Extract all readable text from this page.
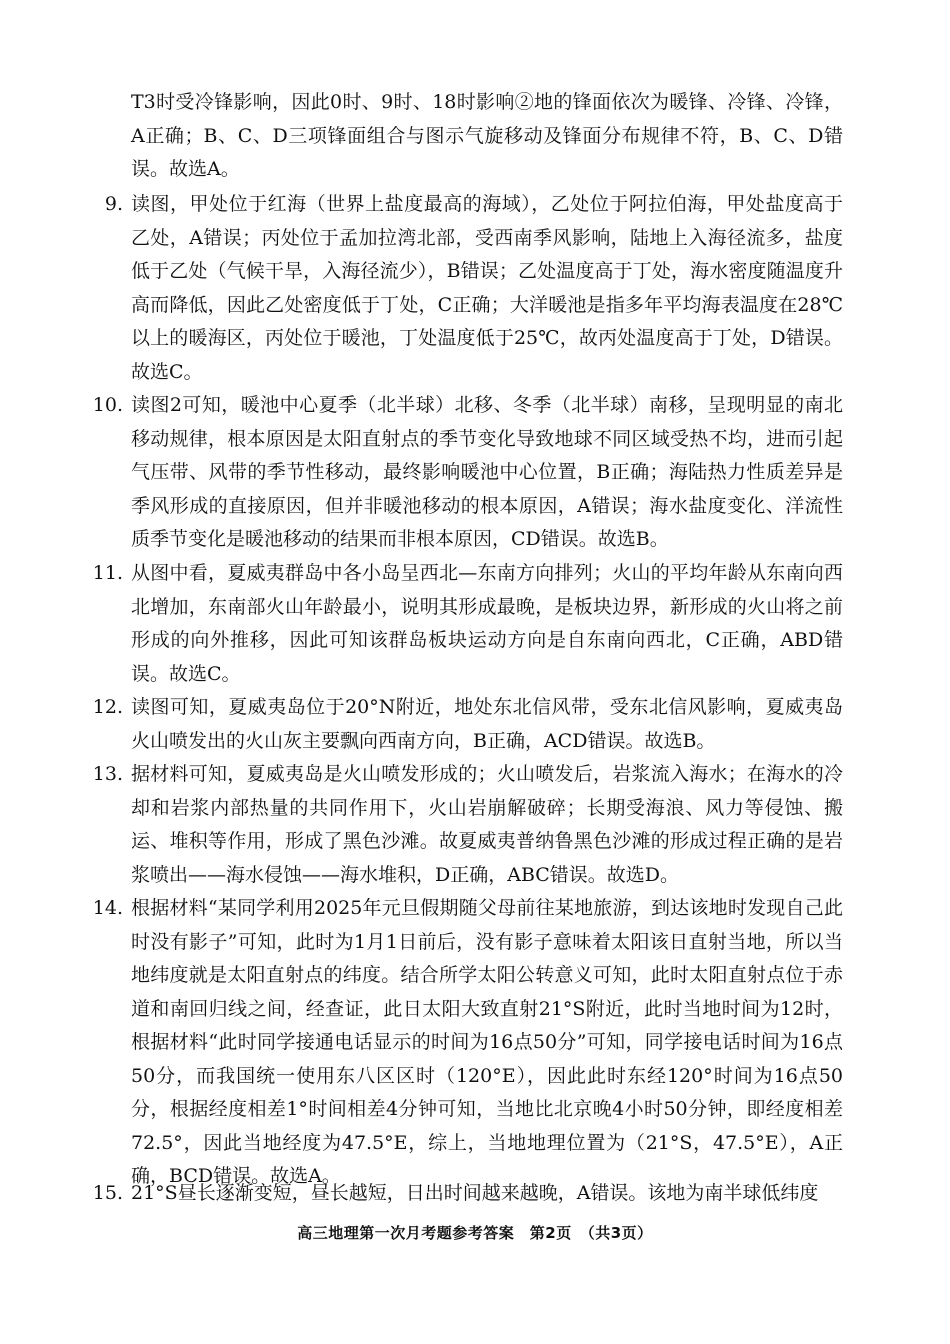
T3时受冷锋影响，因此0时、9时、18时影响②地的锋面依次为暖锋、冷锋、冷锋，A正确；B、C、D三项锋面组合与图示气旋移动及锋面分布规律不符，B、C、D错误。故选A。
9. 读图，甲处位于红海（世界上盐度最高的海域），乙处位于阿拉伯海，甲处盐度高于乙处，A错误；丙处位于孟加拉湾北部，受西南季风影响，陆地上入海径流多，盐度低于乙处（气候干旱，入海径流少），B错误；乙处温度高于丁处，海水密度随温度升高而降低，因此乙处密度低于丁处，C正确；大洋暖池是指多年平均海表温度在28℃以上的暖海区，丙处位于暖池，丁处温度低于25℃，故丙处温度高于丁处，D错误。故选C。
10. 读图2可知，暖池中心夏季（北半球）北移、冬季（北半球）南移，呈现明显的南北移动规律，根本原因是太阳直射点的季节变化导致地球不同区域受热不均，进而引起气压带、风带的季节性移动，最终影响暖池中心位置，B正确；海陆热力性质差异是季风形成的直接原因，但并非暖池移动的根本原因，A错误；海水盐度变化、洋流性质季节变化是暖池移动的结果而非根本原因，CD错误。故选B。
11. 从图中看，夏威夷群岛中各小岛呈西北—东南方向排列；火山的平均年龄从东南向西北增加，东南部火山年龄最小，说明其形成最晚，是板块边界，新形成的火山将之前形成的向外推移，因此可知该群岛板块运动方向是自东南向西北，C正确，ABD错误。故选C。
12. 读图可知，夏威夷岛位于20°N附近，地处东北信风带，受东北信风影响，夏威夷岛火山喷发出的火山灰主要飘向西南方向，B正确，ACD错误。故选B。
13. 据材料可知，夏威夷岛是火山喷发形成的；火山喷发后，岩浆流入海水；在海水的冷却和岩浆内部热量的共同作用下，火山岩崩解破碎；长期受海浪、风力等侵蚀、搬运、堆积等作用，形成了黑色沙滩。故夏威夷普纳鲁黑色沙滩的形成过程正确的是岩浆喷出——海水侵蚀——海水堆积，D正确，ABC错误。故选D。
14. 根据材料“某同学利用2025年元旦假期随父母前往某地旅游，到达该地时发现自己此时没有影子”可知，此时为1月1日前后，没有影子意味着太阳该日直射当地，所以当地纬度就是太阳直射点的纬度。结合所学太阳公转意义可知，此时太阳直射点位于赤道和南回归线之间，经查证，此日太阳大致直射21°S附近，此时当地时间为12时，根据材料“此时同学接通电话显示的时间为16点50分”可知，同学接电话时间为16点50分，而我国统一使用东八区区时（120°E），因此此时东经120°时间为16点50分，根据经度相差1°时间相差4分钟可知，当地比北京晚4小时50分钟，即经度相差72.5°，因此当地经度为47.5°E，综上，当地地理位置为（21°S，47.5°E），A正确，BCD错误。故选A。
15. 21°S昼长逐渐变短，昼长越短，日出时间越来越晚，A错误。该地为南半球低纬度
高三地理第一次月考题参考答案　第2页　（共3页）
